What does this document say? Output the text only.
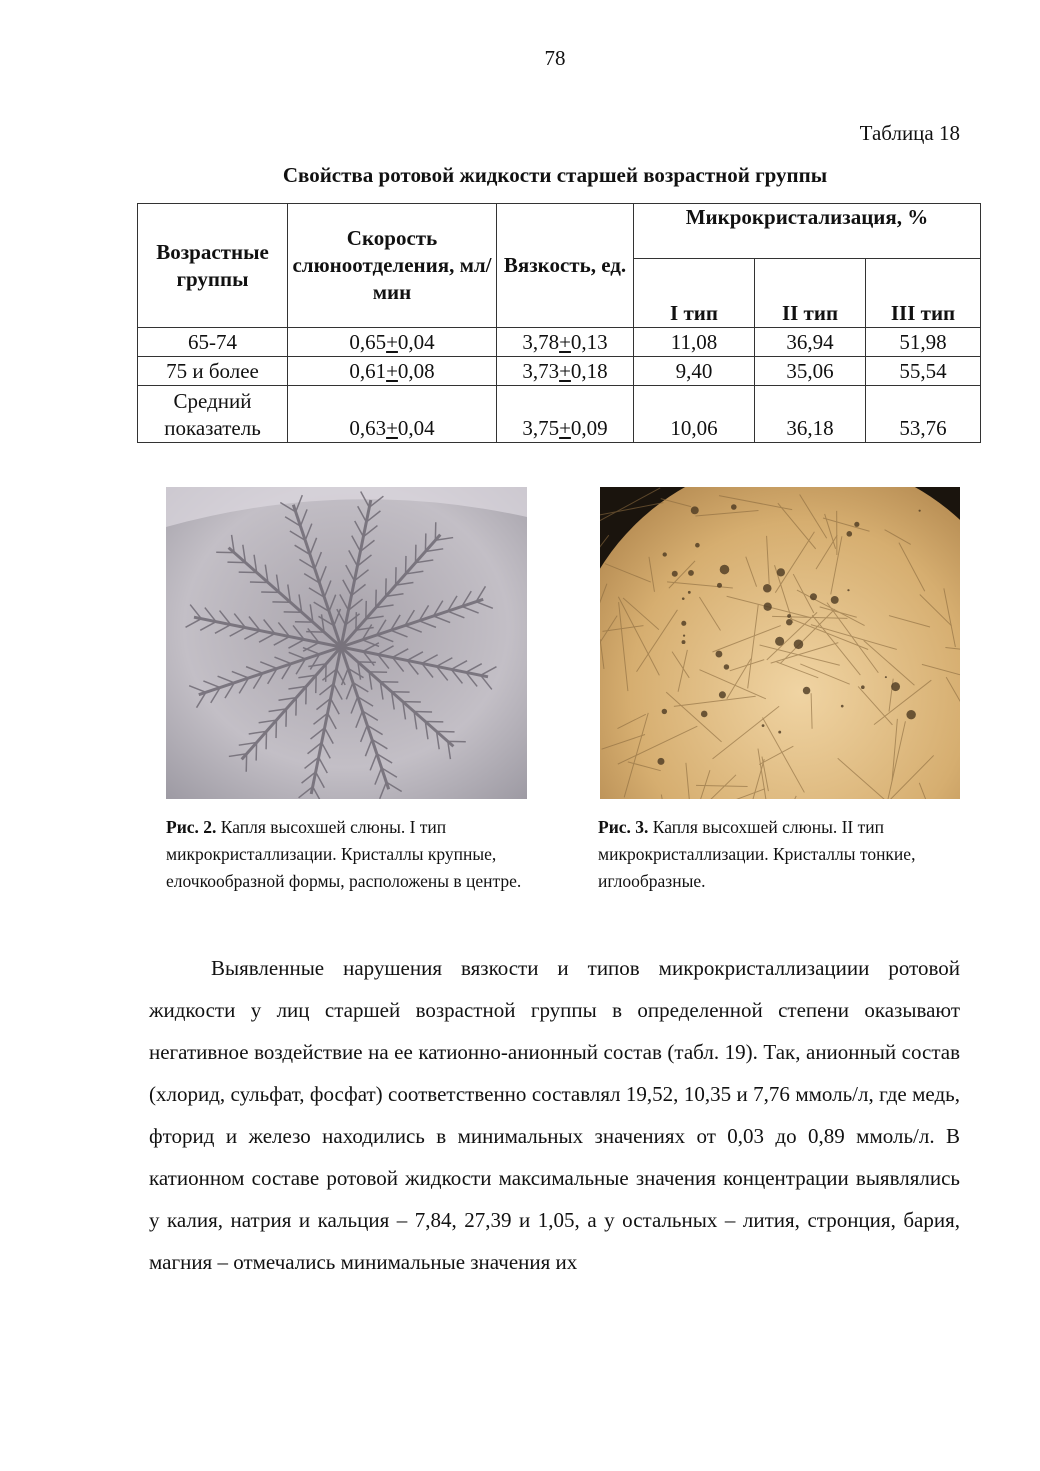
78
Таблица 18
Свойства ротовой жидкости старшей возрастной группы
Возрастные группы	Скорость слюноотделения, мл/мин	Вязкость, ед.	Микрокристализация, %		
			I тип	II тип	III тип
65-74	0,65+0,04	3,78+0,13	11,08	36,94	51,98
75 и более	0,61+0,08	3,73+0,18	9,40	35,06	55,54
Средний
показатель	0,63+0,04	3,75+0,09	10,06	36,18	53,76
Рис. 2. Капля высохшей слюны. I тип микрокристаллизации. Кристаллы крупные, елочкообразной формы, расположены в центре.
Рис. 3. Капля высохшей слюны. II тип микрокристаллизации. Кристаллы тонкие, иглообразные.
Выявленные нарушения вязкости и типов микрокристаллизациии ротовой жидкости у лиц старшей возрастной группы в определенной степени оказывают негативное воздействие на ее катионно-анионный состав (табл. 19). Так, анионный состав (хлорид, сульфат, фосфат) соответственно составлял 19,52, 10,35 и 7,76 ммоль/л, где медь, фторид и железо находились в минимальных значениях от 0,03 до 0,89 ммоль/л. В катионном составе ротовой жидкости максимальные значения концентрации выявлялись у калия, натрия и кальция – 7,84, 27,39 и 1,05, а у остальных – лития, стронция, бария, магния – отмечались минимальные значения их
